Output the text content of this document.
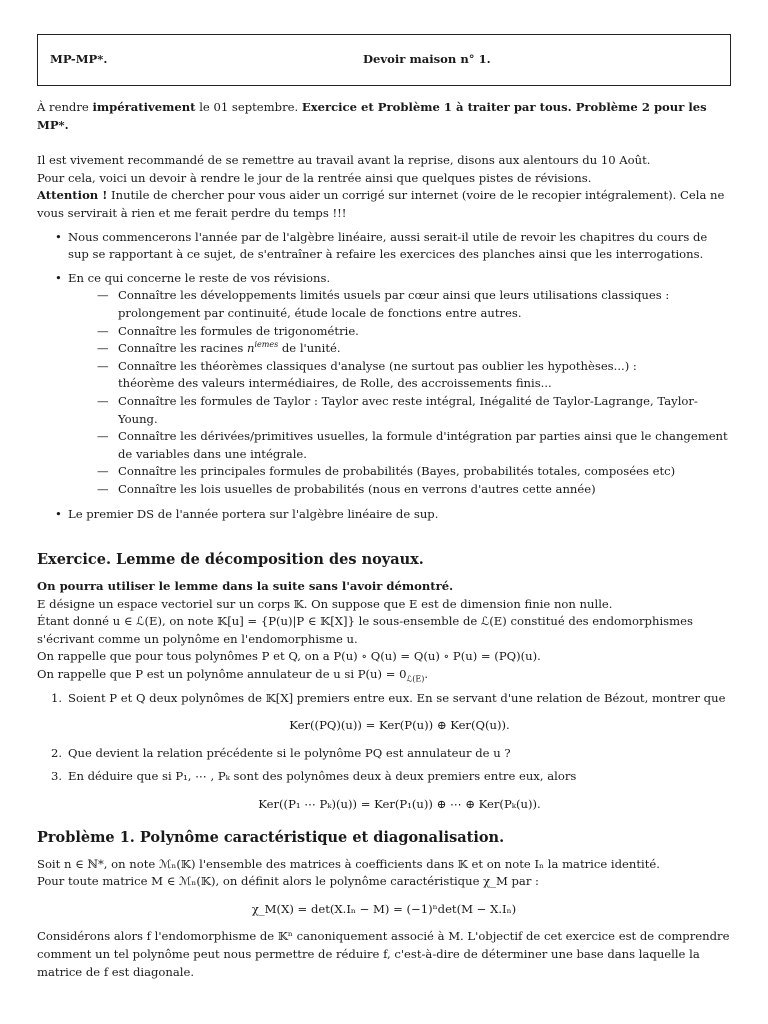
MP-MP*.	Devoir maison n° 1.

À rendre impérativement le 01 septembre. Exercice et Problème 1 à traiter par tous. Problème 2 pour les MP*.

Il est vivement recommandé de se remettre au travail avant la reprise, disons aux alentours du 10 Août.

Pour cela, voici un devoir à rendre le jour de la rentrée ainsi que quelques pistes de révisions.

Attention ! Inutile de chercher pour vous aider un corrigé sur internet (voire de le recopier intégralement). Cela ne vous servirait à rien et me ferait perdre du temps !!!

• Nous commencerons l'année par de l'algèbre linéaire, aussi serait-il utile de revoir les chapitres du cours de sup se rapportant à ce sujet, de s'entraîner à refaire les exercices des planches ainsi que les interrogations.
• En ce qui concerne le reste de vos révisions.
— Connaître les développements limités usuels par cœur ainsi que leurs utilisations classiques : prolongement par continuité, étude locale de fonctions entre autres.
— Connaître les formules de trigonométrie.
— Connaître les racines $n^{iemes}$ de l'unité.
— Connaître les théorèmes classiques d'analyse (ne surtout pas oublier les hypothèses...) :
théorème des valeurs intermédiaires, de Rolle, des accroissements finis...
— Connaître les formules de Taylor : Taylor avec reste intégral, Inégalité de Taylor-Lagrange, Taylor-Young.
— Connaître les dérivées/primitives usuelles, la formule d'intégration par parties ainsi que le changement de variables dans une intégrale.
— Connaître les principales formules de probabilités (Bayes, probabilités totales, composées etc)
— Connaître les lois usuelles de probabilités (nous en verrons d'autres cette année)
• Le premier DS de l'année portera sur l'algèbre linéaire de sup.
Exercice. Lemme de décomposition des noyaux.

On pourra utiliser le lemme dans la suite sans l'avoir démontré.

E désigne un espace vectoriel sur un corps 𝕂. On suppose que E est de dimension finie non nulle.

Étant donné u ∈ ℒ(E), on note 𝕂[u] = {P(u)|P ∈ 𝕂[X]} le sous-ensemble de ℒ(E) constitué des endomorphismes s'écrivant comme un polynôme en l'endomorphisme u.

On rappelle que pour tous polynômes P et Q, on a P(u) ∘ Q(u) = Q(u) ∘ P(u) = (PQ)(u).

On rappelle que P est un polynôme annulateur de u si $P(u) = 0_{ℒ(E)}$.

1. Soient P et Q deux polynômes de 𝕂[X] premiers entre eux. En se servant d'une relation de Bézout, montrer que
Ker((PQ)(u)) = Ker(P(u)) ⊕ Ker(Q(u)).
2. Que devient la relation précédente si le polynôme PQ est annulateur de u ?
3. En déduire que si P₁, ⋯ , Pₖ sont des polynômes deux à deux premiers entre eux, alors
Ker((P₁ ⋯ Pₖ)(u)) = Ker(P₁(u)) ⊕ ⋯ ⊕ Ker(Pₖ(u)).
Problème 1. Polynôme caractéristique et diagonalisation.

Soit n ∈ ℕ*, on note ℳₙ(𝕂) l'ensemble des matrices à coefficients dans 𝕂 et on note Iₙ la matrice identité.

Pour toute matrice M ∈ ℳₙ(𝕂), on définit alors le polynôme caractéristique χ_M par :

χ_M(X) = det(X.Iₙ − M) = (−1)ⁿdet(M − X.Iₙ)

Considérons alors f l'endomorphisme de 𝕂ⁿ canoniquement associé à M. L'objectif de cet exercice est de comprendre comment un tel polynôme peut nous permettre de réduire f, c'est-à-dire de déterminer une base dans laquelle la matrice de f est diagonale.
